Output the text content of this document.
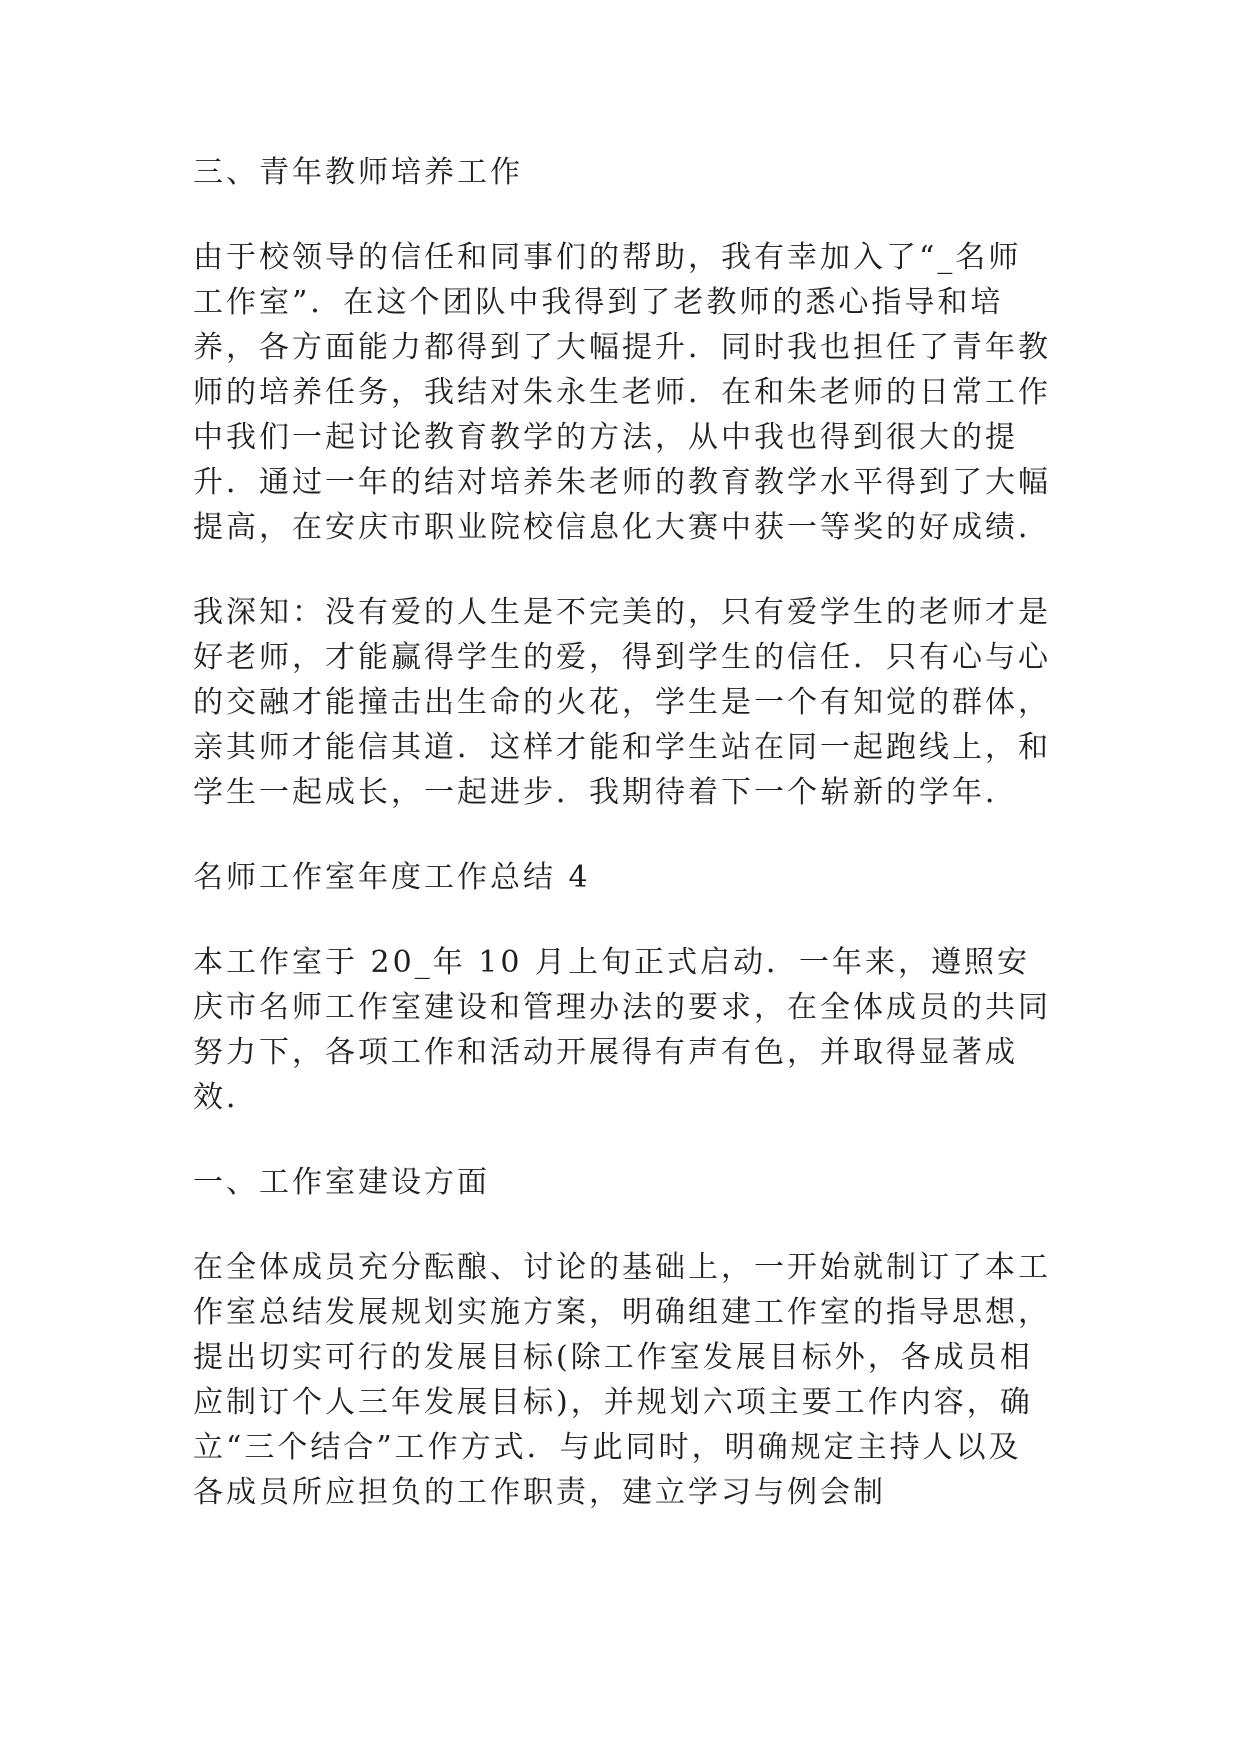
三、青年教师培养工作

由于校领导的信任和同事们的帮助，我有幸加入了“_名师工作室”．在这个团队中我得到了老教师的悉心指导和培养，各方面能力都得到了大幅提升．同时我也担任了青年教师的培养任务，我结对朱永生老师．在和朱老师的日常工作中我们一起讨论教育教学的方法，从中我也得到很大的提升．通过一年的结对培养朱老师的教育教学水平得到了大幅提高，在安庆市职业院校信息化大赛中获一等奖的好成绩．

我深知：没有爱的人生是不完美的，只有爱学生的老师才是好老师，才能赢得学生的爱，得到学生的信任．只有心与心的交融才能撞击出生命的火花，学生是一个有知觉的群体，亲其师才能信其道．这样才能和学生站在同一起跑线上，和学生一起成长，一起进步．我期待着下一个崭新的学年．

名师工作室年度工作总结 4

本工作室于 20_年 10 月上旬正式启动．一年来，遵照安庆市名师工作室建设和管理办法的要求，在全体成员的共同努力下，各项工作和活动开展得有声有色，并取得显著成效．

一、工作室建设方面

在全体成员充分酝酿、讨论的基础上，一开始就制订了本工作室总结发展规划实施方案，明确组建工作室的指导思想，提出切实可行的发展目标(除工作室发展目标外，各成员相应制订个人三年发展目标)，并规划六项主要工作内容，确立“三个结合”工作方式．与此同时，明确规定主持人以及各成员所应担负的工作职责，建立学习与例会制
